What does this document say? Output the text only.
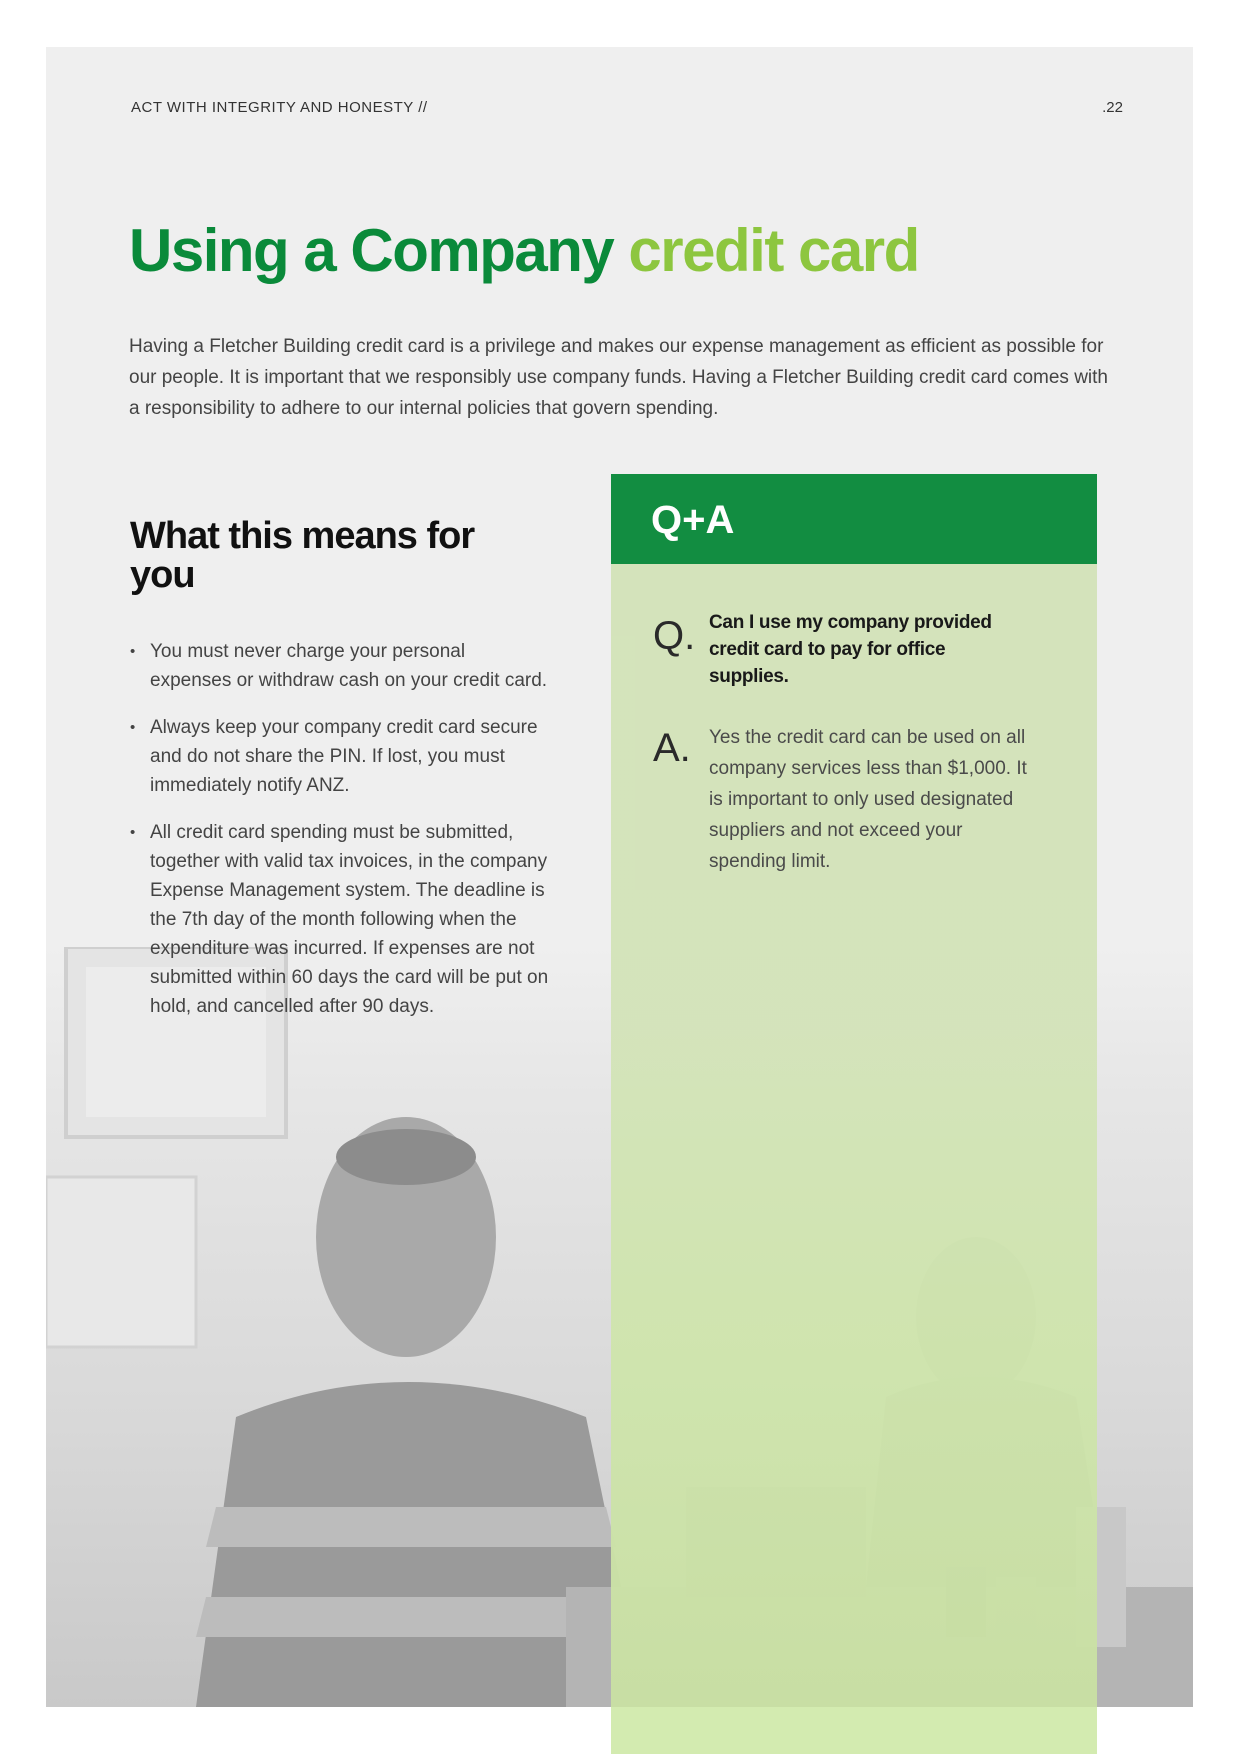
ACT WITH INTEGRITY AND HONESTY //	.22
Using a Company credit card

Having a Fletcher Building credit card is a privilege and makes our expense management as efficient as possible for our people. It is important that we responsibly use company funds. Having a Fletcher Building credit card comes with a responsibility to adhere to our internal policies that govern spending.

What this means for you
• You must never charge your personal expenses or withdraw cash on your credit card.
• Always keep your company credit card secure and do not share the PIN. If lost, you must immediately notify ANZ.
• All credit card spending must be submitted, together with valid tax invoices, in the company Expense Management system. The deadline is the 7th day of the month following when the expenditure was incurred. If expenses are not submitted within 60 days the card will be put on hold, and cancelled after 90 days.
Q+A
Q. Can I use my company provided credit card to pay for office supplies.

A. Yes the credit card can be used on all company services less than $1,000. It is important to only used designated suppliers and not exceed your spending limit.
